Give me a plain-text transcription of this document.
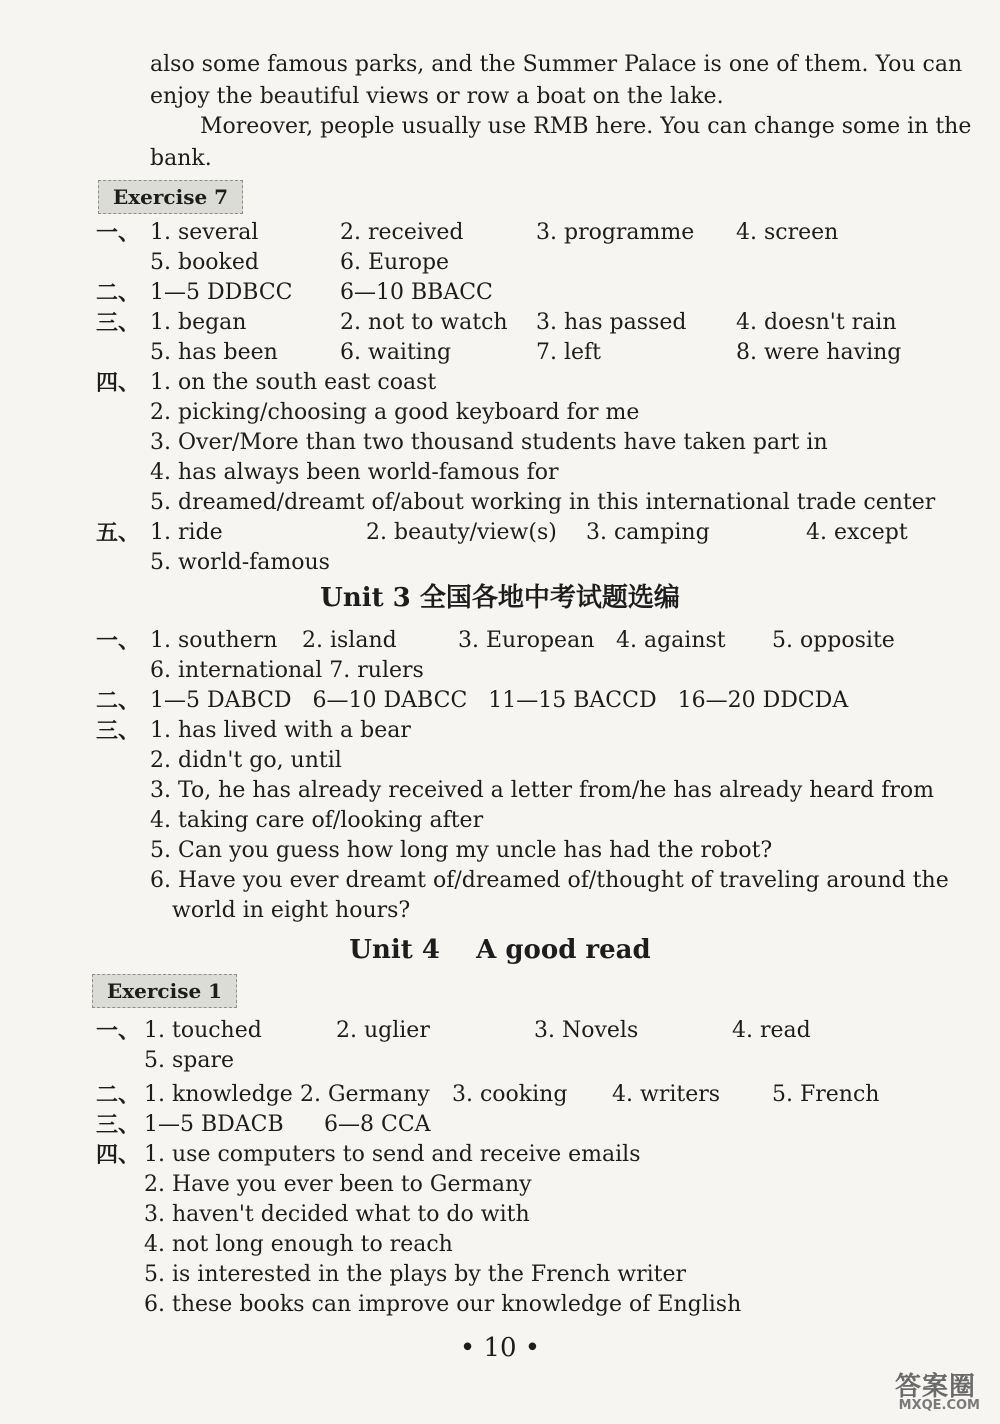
also some famous parks, and the Summer Palace is one of them. You can
enjoy the beautiful views or row a boat on the lake.
Moreover, people usually use RMB here. You can change some in the
bank.
Exercise 7
一、 1. several	2. received	3. programme 4. screen
5. booked	6. Europe
二、 1—5 DDBCC 6—10 BBACC
三、 1. began	2. not to watch 3. has passed 4. doesn't rain
5. has been	6. waiting	7. left	8. were having
四、 1. on the south east coast
2. picking/choosing a good keyboard for me
3. Over/More than two thousand students have taken part in
4. has always been world-famous for
5. dreamed/dreamt of/about working in this international trade center
五、 1. ride	2. beauty/view(s) 3. camping	4. except
5. world-famous
Unit 3 全国各地中考试题选编
一、 1. southern 2. island	3. European 4. against 5. opposite
6. international 7. rulers
二、 1—5 DABCD   6—10 DABCC   11—15 BACCD   16—20 DDCDA
三、 1. has lived with a bear
2. didn't go, until
3. To, he has already received a letter from/he has already heard from
4. taking care of/looking after
5. Can you guess how long my uncle has had the robot?
6. Have you ever dreamt of/dreamed of/thought of traveling around the
world in eight hours?
Unit 4    A good read
Exercise 1
一、 1. touched	2. uglier	3. Novels	4. read
5. spare
二、 1. knowledge 2. Germany 3. cooking 4. writers 5. French
三、 1—5 BDACB 6—8 CCA
四、 1. use computers to send and receive emails
2. Have you ever been to Germany
3. haven't decided what to do with
4. not long enough to reach
5. is interested in the plays by the French writer
6. these books can improve our knowledge of English
• 10 •
答案圈
MXQE.COM
